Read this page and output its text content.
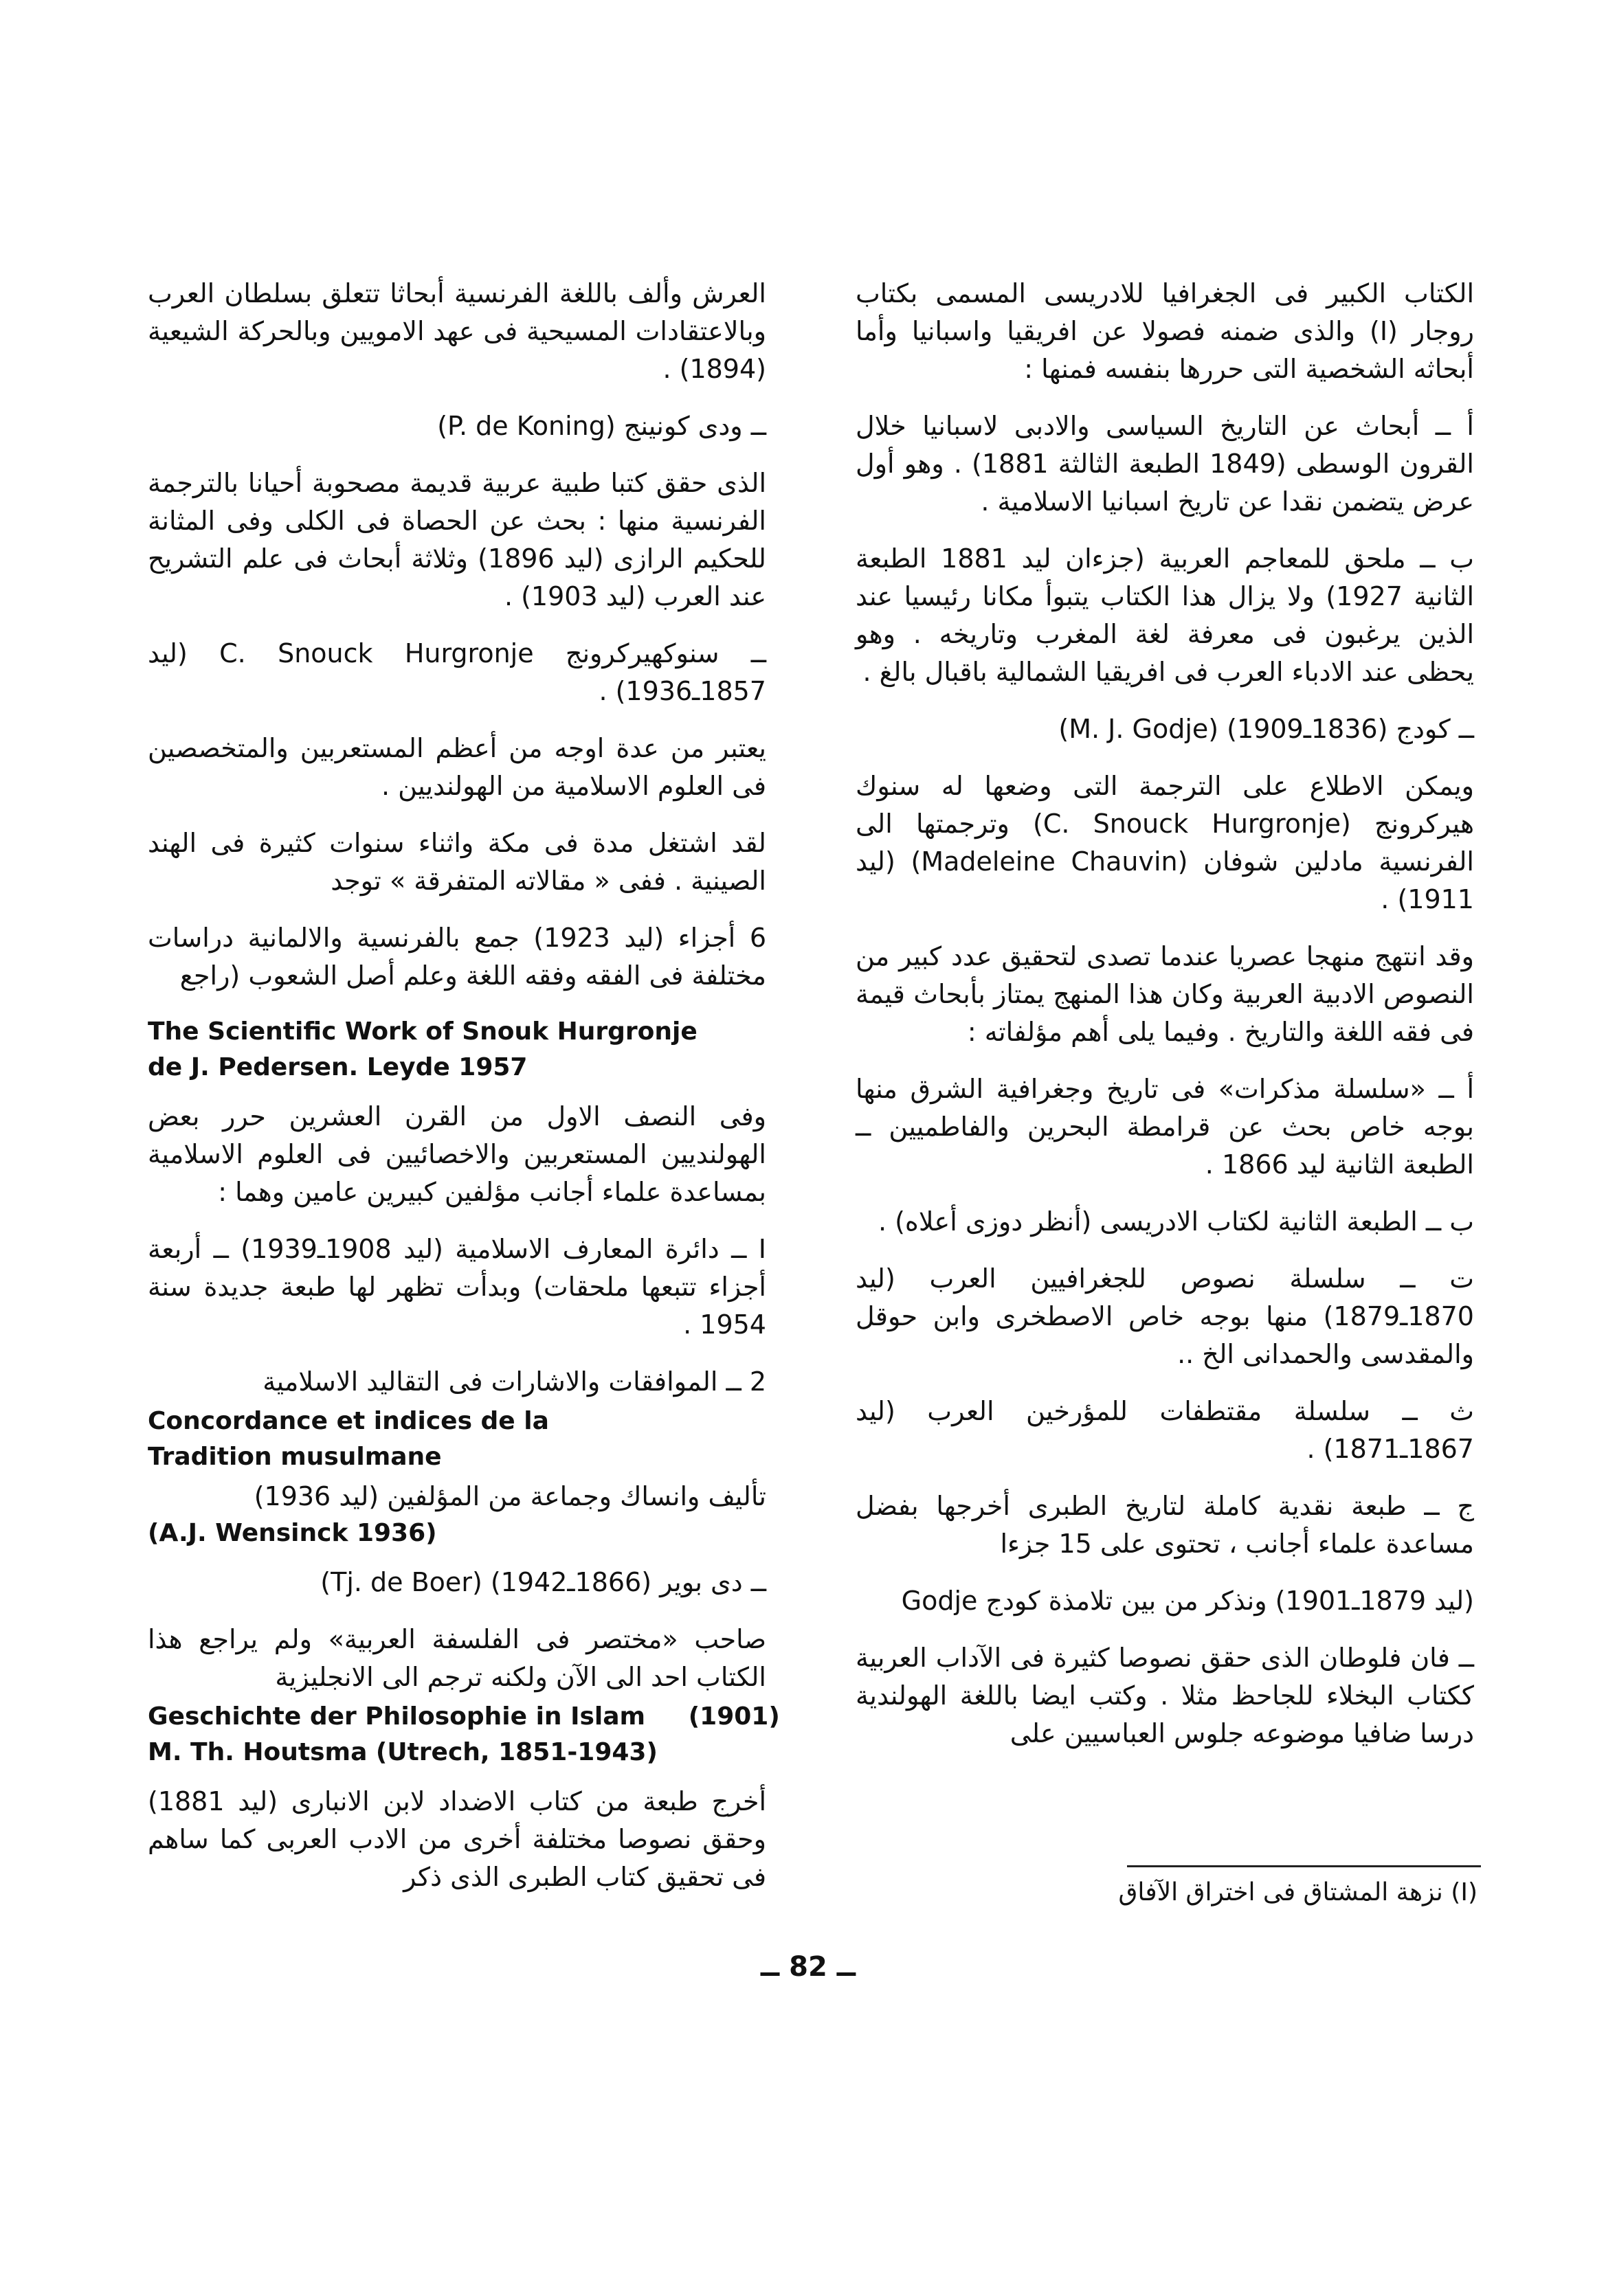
الكتاب الكبير فى الجغرافيا للادريسى المسمى بكتاب روجار (I) والذى ضمنه فصولا عن افريقيا واسبانيا وأما أبحاثه الشخصية التى حررها بنفسه فمنها :

أ ــ أبحاث عن التاريخ السياسى والادبى لاسبانيا خلال القرون الوسطى (1849 الطبعة الثالثة 1881) . وهو أول عرض يتضمن نقدا عن تاريخ اسبانيا الاسلامية .

ب ــ ملحق للمعاجم العربية (جزءان ليد 1881 الطبعة الثانية 1927) ولا يزال هذا الكتاب يتبوأ مكانا رئيسيا عند الذين يرغبون فى معرفة لغة المغرب وتاريخه . وهو يحظى عند الادباء العرب فى افريقيا الشمالية باقبال بالغ .

ــ كودج (1836ـ1909) (M. J. Godje)

ويمكن الاطلاع على الترجمة التى وضعها له سنوك هيركرونج (C. Snouck Hurgronje) وترجمتها الى الفرنسية مادلين شوفان (Madeleine Chauvin) (ليد 1911) .

وقد انتهج منهجا عصريا عندما تصدى لتحقيق عدد كبير من النصوص الادبية العربية وكان هذا المنهج يمتاز بأبحاث قيمة فى فقه اللغة والتاريخ . وفيما يلى أهم مؤلفاته :

أ ــ «سلسلة مذكرات» فى تاريخ وجغرافية الشرق منها بوجه خاص بحث عن قرامطة البحرين والفاطميين ــ الطبعة الثانية ليد 1866 .

ب ــ الطبعة الثانية لكتاب الادريسى (أنظر دوزى أعلاه) .

ت ــ سلسلة نصوص للجغرافيين العرب (ليد 1870ـ1879) منها بوجه خاص الاصطخرى وابن حوقل والمقدسى والحمدانى الخ ..

ث ــ سلسلة مقتطفات للمؤرخين العرب (ليد 1867ـ1871) .

ج ــ طبعة نقدية كاملة لتاريخ الطبرى أخرجها بفضل مساعدة علماء أجانب ، تحتوى على 15 جزءا

(ليد 1879ـ1901) ونذكر من بين تلامذة كودج Godje

ــ فان فلوطان الذى حقق نصوصا كثيرة فى الآداب العربية ككتاب البخلاء للجاحظ مثلا . وكتب ايضا باللغة الهولندية درسا ضافيا موضوعه جلوس العباسيين على

العرش وألف باللغة الفرنسية أبحاثا تتعلق بسلطان العرب وبالاعتقادات المسيحية فى عهد الامويين وبالحركة الشيعية (1894) .

ــ ودى كونينج (P. de Koning)

الذى حقق كتبا طبية عربية قديمة مصحوبة أحيانا بالترجمة الفرنسية منها : بحث عن الحصاة فى الكلى وفى المثانة للحكيم الرازى (ليد 1896) وثلاثة أبحاث فى علم التشريح عند العرب (ليد 1903) .

ــ سنوكهيركرونج C. Snouck Hurgronje (ليد 1857ـ1936) .

يعتبر من عدة اوجه من أعظم المستعربين والمتخصصين فى العلوم الاسلامية من الهولنديين .

لقد اشتغل مدة فى مكة واثناء سنوات كثيرة فى الهند الصينية . ففى « مقالاته المتفرقة » توجد

6 أجزاء (ليد 1923) جمع بالفرنسية والالمانية دراسات مختلفة فى الفقه وفقه اللغة وعلم أصل الشعوب (راجع

The Scientific Work of Snouk Hurgronje
de J. Pedersen. Leyde 1957

وفى النصف الاول من القرن العشرين حرر بعض الهولنديين المستعربين والاخصائيين فى العلوم الاسلامية بمساعدة علماء أجانب مؤلفين كبيرين عامين وهما :

I ــ دائرة المعارف الاسلامية (ليد 1908ـ1939) ــ أربعة أجزاء تتبعها ملحقات) وبدأت تظهر لها طبعة جديدة سنة 1954 .

2 ــ الموافقات والاشارات فى التقاليد الاسلامية

Concordance et indices de la
Tradition musulmane

تأليف وانساك وجماعة من المؤلفين (ليد 1936)

(A.J. Wensinck 1936)

ــ دى بوير (1866ـ1942) (Tj. de Boer)

صاحب «مختصر فى الفلسفة العربية» ولم يراجع هذا الكتاب احد الى الآن ولكنه ترجم الى الانجليزية

Geschichte der Philosophie in Islam     (1901)
M. Th. Houtsma (Utrech, 1851-1943)

أخرج طبعة من كتاب الاضداد لابن الانبارى (ليد 1881) وحقق نصوصا مختلفة أخرى من الادب العربى كما ساهم فى تحقيق كتاب الطبرى الذى ذكر

(I) نزهة المشتاق فى اختراق الآفاق
ــ 82 ــ
